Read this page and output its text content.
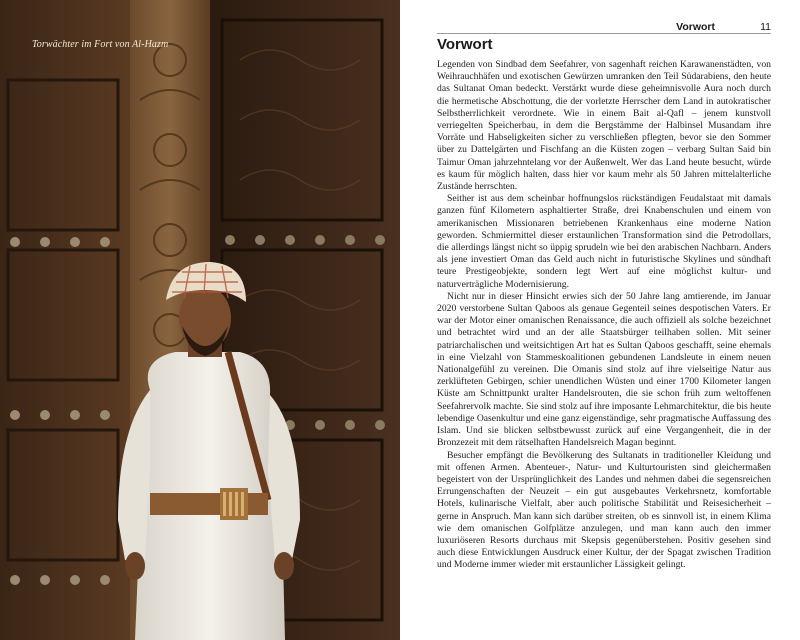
Torwächter im Fort von Al-Hazm
Vorwort	11
Vorwort

Legenden von Sindbad dem Seefahrer, von sagenhaft reichen Karawanenstädten, von Weihrauchhäfen und exotischen Gewürzen umranken den Teil Südarabiens, den heute das Sultanat Oman bedeckt. Verstärkt wurde diese geheimnisvolle Aura noch durch die hermetische Abschottung, die der vorletzte Herrscher dem Land in autokratischer Selbstherrlichkeit verordnete. Wie in einem Bait al-Qafl – jenem kunstvoll verriegelten Speicherbau, in dem die Bergstämme der Halbinsel Musandam ihre Vorräte und Habseligkeiten sicher zu verschließen pflegten, bevor sie den Sommer über zu Dattelgärten und Fischfang an die Küsten zogen – verbarg Sultan Said bin Taimur Oman jahrzehntelang vor der Außenwelt. Wer das Land heute besucht, würde es kaum für möglich halten, dass hier vor kaum mehr als 50 Jahren mittelalterliche Zustände herrschten.

Seither ist aus dem scheinbar hoffnungslos rückständigen Feudalstaat mit damals ganzen fünf Kilometern asphaltierter Straße, drei Knabenschulen und einem von amerikanischen Missionaren betriebenen Krankenhaus eine moderne Nation geworden. Schmiermittel dieser erstaunlichen Transformation sind die Petrodollars, die allerdings längst nicht so üppig sprudeln wie bei den arabischen Nachbarn. Anders als jene investiert Oman das Geld auch nicht in futuristische Skylines und sündhaft teure Prestigeobjekte, sondern legt Wert auf eine möglichst kultur- und naturverträgliche Modernisierung.

Nicht nur in dieser Hinsicht erwies sich der 50 Jahre lang amtierende, im Januar 2020 verstorbene Sultan Qaboos als genaue Gegenteil seines despotischen Vaters. Er war der Motor einer omanischen Renaissance, die auch offiziell als solche bezeichnet und betrachtet wird und an der alle Staatsbürger teilhaben sollen. Mit seiner patriarchalischen und weitsichtigen Art hat es Sultan Qaboos geschafft, seine ehemals in eine Vielzahl von Stammeskoalitionen gebundenen Landsleute in einem neuen Nationalgefühl zu vereinen. Die Omanis sind stolz auf ihre vielseitige Natur aus zerklüfteten Gebirgen, schier unendlichen Wüsten und einer 1700 Kilometer langen Küste am Schnittpunkt uralter Handelsrouten, die sie schon früh zum weltoffenen Seefahrervolk machte. Sie sind stolz auf ihre imposante Lehmarchitektur, die bis heute lebendige Oasenkultur und eine ganz eigenständige, sehr pragmatische Auffassung des Islam. Und sie blicken selbstbewusst zurück auf eine Vergangenheit, die in der Bronzezeit mit dem rätselhaften Handelsreich Magan beginnt.

Besucher empfängt die Bevölkerung des Sultanats in traditioneller Kleidung und mit offenen Armen. Abenteuer-, Natur- und Kulturtouristen sind gleichermaßen begeistert von der Ursprünglichkeit des Landes und nehmen dabei die segensreichen Errungenschaften der Neuzeit – ein gut ausgebautes Verkehrsnetz, komfortable Hotels, kulinarische Vielfalt, aber auch politische Stabilität und Reisesicherheit – gerne in Anspruch. Man kann sich darüber streiten, ob es sinnvoll ist, in einem Klima wie dem omanischen Golfplätze anzulegen, und man kann auch den immer luxuriöseren Resorts durchaus mit Skepsis gegenüberstehen. Positiv gesehen sind auch diese Entwicklungen Ausdruck einer Kultur, der der Spagat zwischen Tradition und Moderne immer wieder mit erstaunlicher Lässigkeit gelingt.
